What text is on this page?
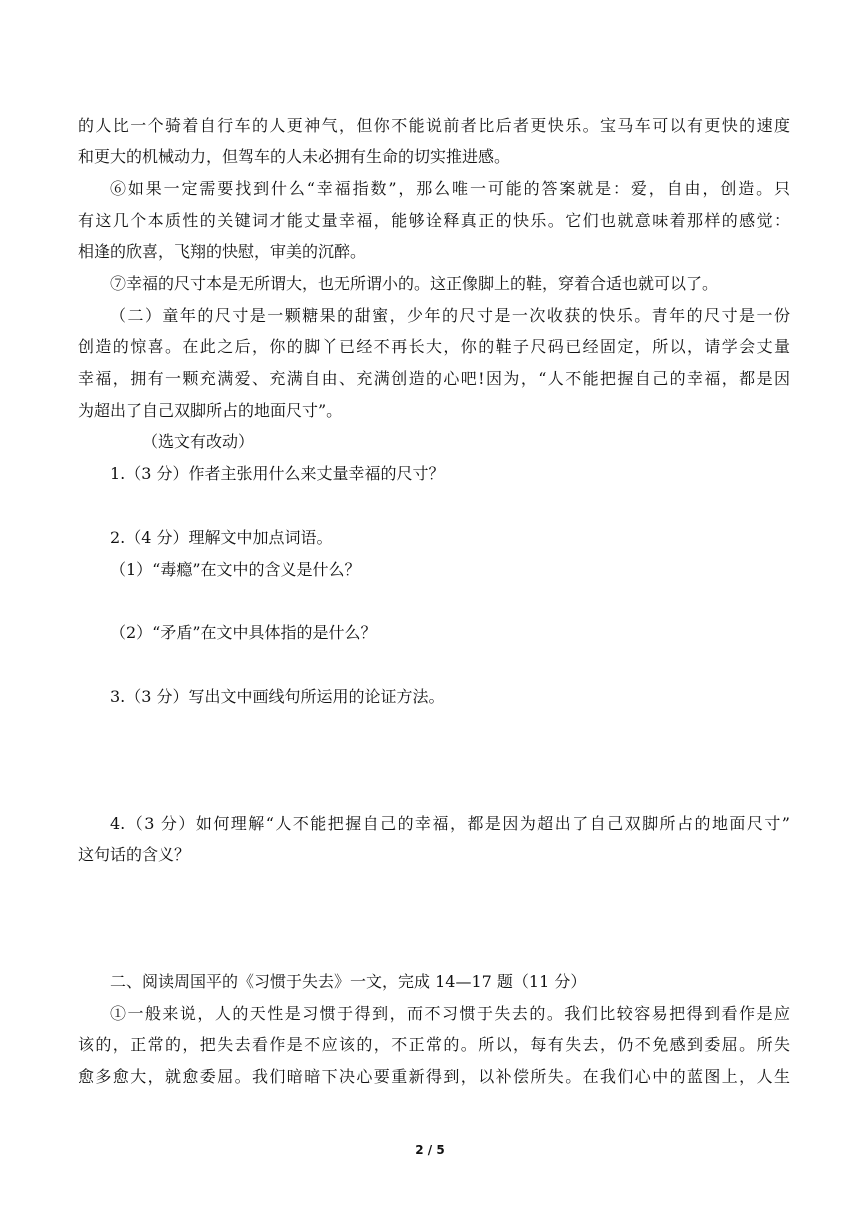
的人比一个骑着自行车的人更神气，但你不能说前者比后者更快乐。宝马车可以有更快的速度
和更大的机械动力，但驾车的人未必拥有生命的切实推进感。
⑥如果一定需要找到什么“幸福指数”，那么唯一可能的答案就是：爱，自由，创造。只
有这几个本质性的关键词才能丈量幸福，能够诠释真正的快乐。它们也就意味着那样的感觉：
相逢的欣喜，飞翔的快慰，审美的沉醉。
⑦幸福的尺寸本是无所谓大，也无所谓小的。这正像脚上的鞋，穿着合适也就可以了。
（二）童年的尺寸是一颗糖果的甜蜜，少年的尺寸是一次收获的快乐。青年的尺寸是一份
创造的惊喜。在此之后，你的脚丫已经不再长大，你的鞋子尺码已经固定，所以，请学会丈量
幸福，拥有一颗充满爱、充满自由、充满创造的心吧!因为，“人不能把握自己的幸福，都是因
为超出了自己双脚所占的地面尺寸”。
（选文有改动）
1.（3 分）作者主张用什么来丈量幸福的尺寸？
2.（4 分）理解文中加点词语。
（1）“毒瘾”在文中的含义是什么？
（2）“矛盾”在文中具体指的是什么？
3.（3 分）写出文中画线句所运用的论证方法。
4.（3 分）如何理解“人不能把握自己的幸福，都是因为超出了自己双脚所占的地面尺寸”
这句话的含义？
二、阅读周国平的《习惯于失去》一文，完成 14—17 题（11 分）
①一般来说，人的天性是习惯于得到，而不习惯于失去的。我们比较容易把得到看作是应
该的，正常的，把失去看作是不应该的，不正常的。所以，每有失去，仍不免感到委屈。所失
愈多愈大，就愈委屈。我们暗暗下决心要重新得到，以补偿所失。在我们心中的蓝图上，人生
2 / 5
